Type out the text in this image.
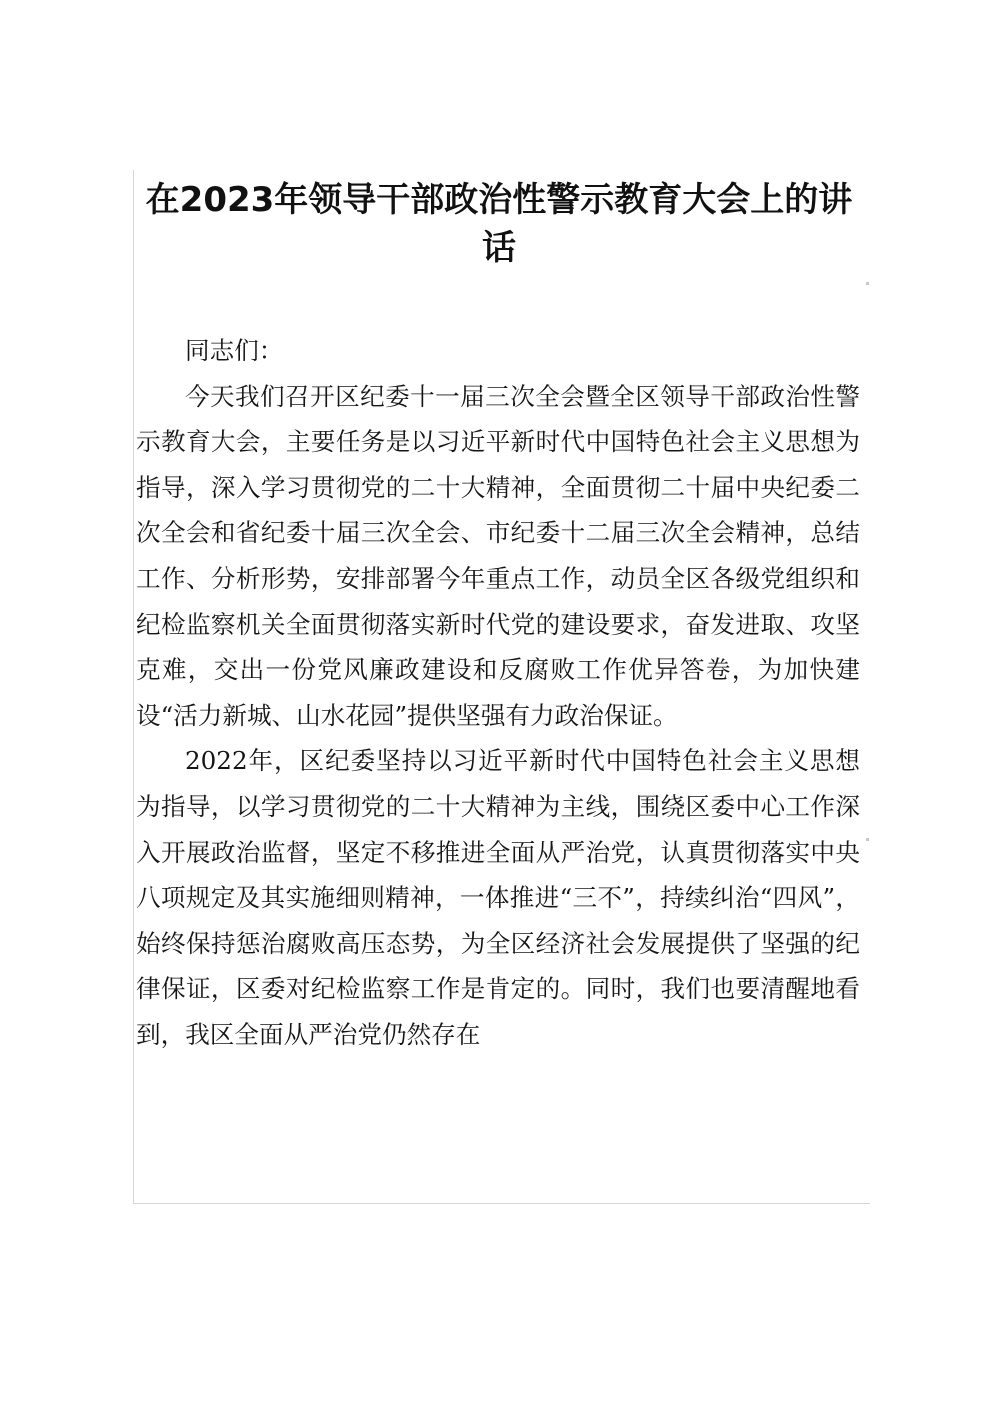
在2023年领导干部政治性警示教育大会上的讲话

同志们：

今天我们召开区纪委十一届三次全会暨全区领导干部政治性警示教育大会，主要任务是以习近平新时代中国特色社会主义思想为指导，深入学习贯彻党的二十大精神，全面贯彻二十届中央纪委二次全会和省纪委十届三次全会、市纪委十二届三次全会精神，总结工作、分析形势，安排部署今年重点工作，动员全区各级党组织和纪检监察机关全面贯彻落实新时代党的建设要求，奋发进取、攻坚克难，交出一份党风廉政建设和反腐败工作优异答卷，为加快建设“活力新城、山水花园”提供坚强有力政治保证。

2022年，区纪委坚持以习近平新时代中国特色社会主义思想为指导，以学习贯彻党的二十大精神为主线，围绕区委中心工作深入开展政治监督，坚定不移推进全面从严治党，认真贯彻落实中央八项规定及其实施细则精神，一体推进“三不”，持续纠治“四风”，始终保持惩治腐败高压态势，为全区经济社会发展提供了坚强的纪律保证，区委对纪检监察工作是肯定的。同时，我们也要清醒地看到，我区全面从严治党仍然存在
